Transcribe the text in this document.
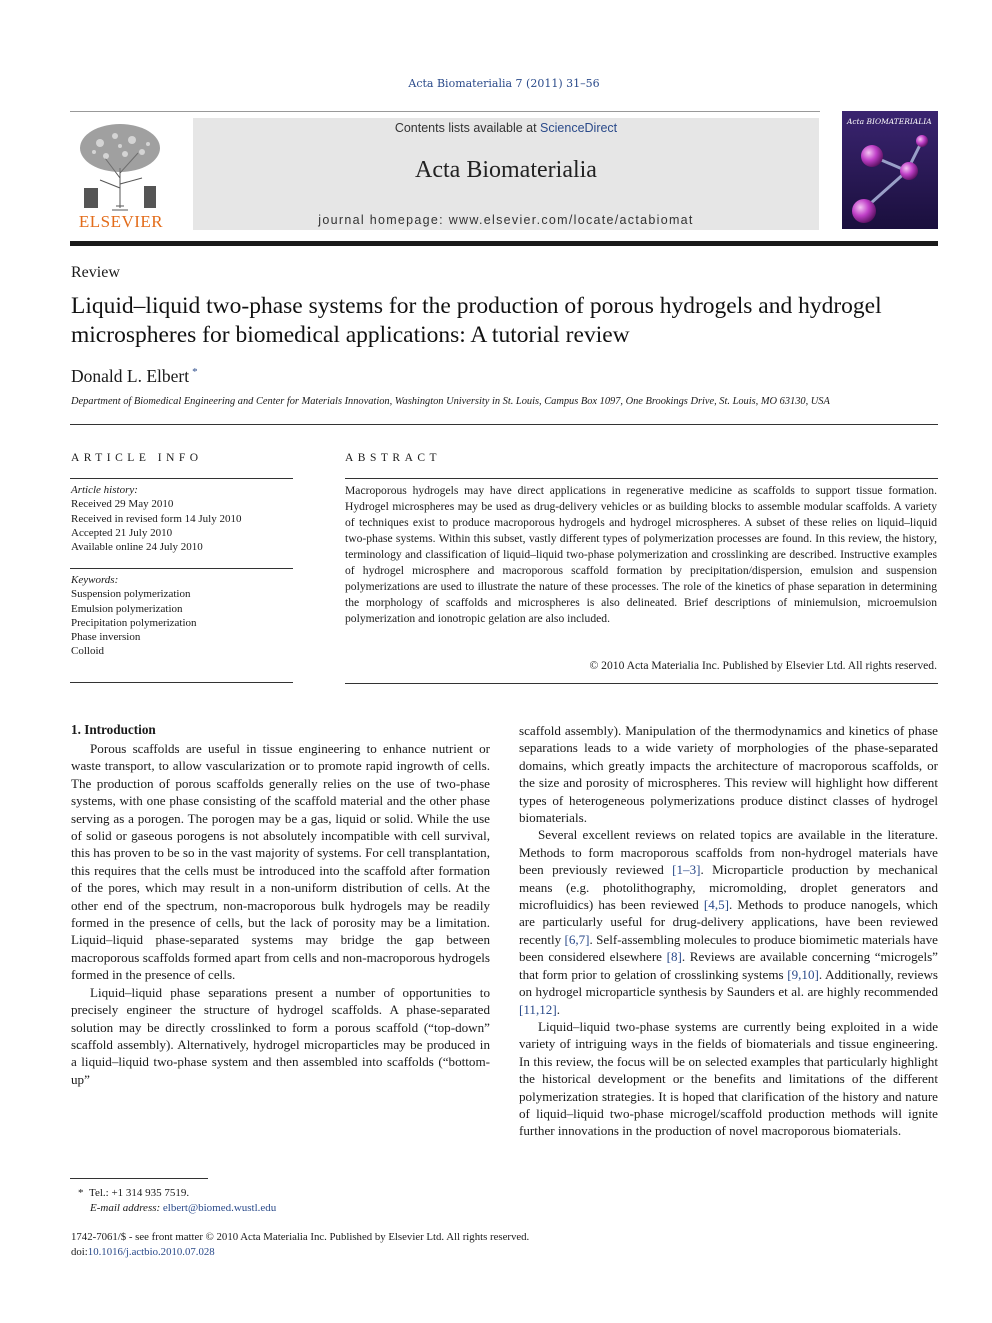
Acta Biomaterialia 7 (2011) 31–56
ELSEVIER
Contents lists available at ScienceDirect
Acta Biomaterialia
journal homepage: www.elsevier.com/locate/actabiomat
Acta BIOMATERIALIA
Review
Liquid–liquid two-phase systems for the production of porous hydrogels and hydrogel microspheres for biomedical applications: A tutorial review
Donald L. Elbert *
Department of Biomedical Engineering and Center for Materials Innovation, Washington University in St. Louis, Campus Box 1097, One Brookings Drive, St. Louis, MO 63130, USA
ARTICLE INFO
Article history:
Received 29 May 2010
Received in revised form 14 July 2010
Accepted 21 July 2010
Available online 24 July 2010
Keywords:
Suspension polymerization
Emulsion polymerization
Precipitation polymerization
Phase inversion
Colloid
ABSTRACT

Macroporous hydrogels may have direct applications in regenerative medicine as scaffolds to support tissue formation. Hydrogel microspheres may be used as drug-delivery vehicles or as building blocks to assemble modular scaffolds. A variety of techniques exist to produce macroporous hydrogels and hydrogel microspheres. A subset of these relies on liquid–liquid two-phase systems. Within this subset, vastly different types of polymerization processes are found. In this review, the history, terminology and classification of liquid–liquid two-phase polymerization and crosslinking are described. Instructive examples of hydrogel microsphere and macroporous scaffold formation by precipitation/dispersion, emulsion and suspension polymerizations are used to illustrate the nature of these processes. The role of the kinetics of phase separation in determining the morphology of scaffolds and microspheres is also delineated. Brief descriptions of miniemulsion, microemulsion polymerization and ionotropic gelation are also included.

© 2010 Acta Materialia Inc. Published by Elsevier Ltd. All rights reserved.
1. Introduction

Porous scaffolds are useful in tissue engineering to enhance nutrient or waste transport, to allow vascularization or to promote rapid ingrowth of cells. The production of porous scaffolds generally relies on the use of two-phase systems, with one phase consisting of the scaffold material and the other phase serving as a porogen. The porogen may be a gas, liquid or solid. While the use of solid or gaseous porogens is not absolutely incompatible with cell survival, this has proven to be so in the vast majority of systems. For cell transplantation, this requires that the cells must be introduced into the scaffold after formation of the pores, which may result in a non-uniform distribution of cells. At the other end of the spectrum, non-macroporous bulk hydrogels may be readily formed in the presence of cells, but the lack of porosity may be a limitation. Liquid–liquid phase-separated systems may bridge the gap between macroporous scaffolds formed apart from cells and non-macroporous hydrogels formed in the presence of cells.

Liquid–liquid phase separations present a number of opportunities to precisely engineer the structure of hydrogel scaffolds. A phase-separated solution may be directly crosslinked to form a porous scaffold (“top-down” scaffold assembly). Alternatively, hydrogel microparticles may be produced in a liquid–liquid two-phase system and then assembled into scaffolds (“bottom-up”

scaffold assembly). Manipulation of the thermodynamics and kinetics of phase separations leads to a wide variety of morphologies of the phase-separated domains, which greatly impacts the architecture of macroporous scaffolds, or the size and porosity of microspheres. This review will highlight how different types of heterogeneous polymerizations produce distinct classes of hydrogel biomaterials.

Several excellent reviews on related topics are available in the literature. Methods to form macroporous scaffolds from non-hydrogel materials have been previously reviewed [1–3]. Microparticle production by mechanical means (e.g. photolithography, micromolding, droplet generators and microfluidics) has been reviewed [4,5]. Methods to produce nanogels, which are particularly useful for drug-delivery applications, have been reviewed recently [6,7]. Self-assembling molecules to produce biomimetic materials have been considered elsewhere [8]. Reviews are available concerning “microgels” that form prior to gelation of crosslinking systems [9,10]. Additionally, reviews on hydrogel microparticle synthesis by Saunders et al. are highly recommended [11,12].

Liquid–liquid two-phase systems are currently being exploited in a wide variety of intriguing ways in the fields of biomaterials and tissue engineering. In this review, the focus will be on selected examples that particularly highlight the historical development or the benefits and limitations of the different polymerization strategies. It is hoped that clarification of the history and nature of liquid–liquid two-phase microgel/scaffold production methods will ignite further innovations in the production of novel macroporous biomaterials.

* Tel.: +1 314 935 7519.
E-mail address: elbert@biomed.wustl.edu
1742-7061/$ - see front matter © 2010 Acta Materialia Inc. Published by Elsevier Ltd. All rights reserved.
doi:10.1016/j.actbio.2010.07.028
